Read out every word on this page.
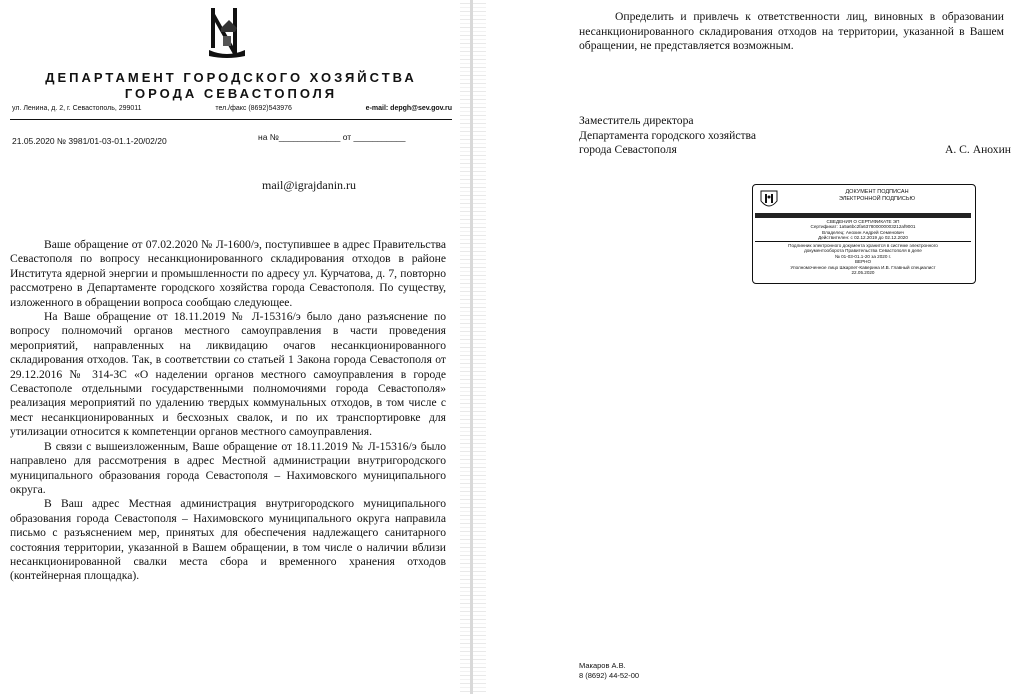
ДЕПАРТАМЕНТ ГОРОДСКОГО ХОЗЯЙСТВА
ГОРОДА СЕВАСТОПОЛЯ
ул. Ленина, д. 2, г. Севастополь, 299011	тел./факс (8692)543976	e-mail: depgh@sev.gov.ru
21.05.2020 № 3981/01-03-01.1-20/02/20	на №_____________ от ___________
mail@igrajdanin.ru

Ваше обращение от 07.02.2020 № Л-1600/э, поступившее в адрес Правительства Севастополя по вопросу несанкционированного складирования отходов в районе Института ядерной энергии и промышленности по адресу ул. Курчатова, д. 7, повторно рассмотрено в Департаменте городского хозяйства города Севастополя. По существу, изложенного в обращении вопроса сообщаю следующее.

На Ваше обращение от 18.11.2019 № Л-15316/э было дано разъяснение по вопросу полномочий органов местного самоуправления в части проведения мероприятий, направленных на ликвидацию очагов несанкционированного складирования отходов. Так, в соответствии со статьей 1 Закона города Севастополя от 29.12.2016 № 314-ЗС «О наделении органов местного самоуправления в городе Севастополе отдельными государственными полномочиями города Севастополя» реализация мероприятий по удалению твердых коммунальных отходов, в том числе с мест несанкционированных и бесхозных свалок, и по их транспортировке для утилизации относится к компетенции органов местного самоуправления.

В связи с вышеизложенным, Ваше обращение от 18.11.2019 № Л-15316/э было направлено для рассмотрения в адрес Местной администрации внутригородского муниципального образования города Севастополя – Нахимовского муниципального округа.

В Ваш адрес Местная администрация внутригородского муниципального образования города Севастополя – Нахимовского муниципального округа направила письмо с разъяснением мер, принятых для обеспечения надлежащего санитарного состояния территории, указанной в Вашем обращении, в том числе о наличии вблизи несанкционированной свалки места сбора и временного хранения отходов (контейнерная площадка).

Определить и привлечь к ответственности лиц, виновных в образовании несанкционированного складирования отходов на территории, указанной в Вашем обращении, не представляется возможным.
Заместитель директора
Департамента городского хозяйства
города Севастополя	А. С. Анохин
ДОКУМЕНТ ПОДПИСАН
ЭЛЕКТРОННОЙ ПОДПИСЬЮ
СВЕДЕНИЯ О СЕРТИФИКАТЕ ЭП
Сертификат: 1a5a6bc2fa637800000003212af9001
Владелец: Анохин Андрей Семенович
Действителен: с 02.12.2019 до 02.12.2020
Подлинник электронного документа хранится в системе электронного
документооборота Правительства Севастополя в деле
№ 01-03-01.1-20 за 2020 г.
ВЕРНО
Уполномоченное лицо Шкарпет-Каверина И.В. Главный специалист
22.05.2020
Макаров А.В.
8 (8692) 44-52-00
